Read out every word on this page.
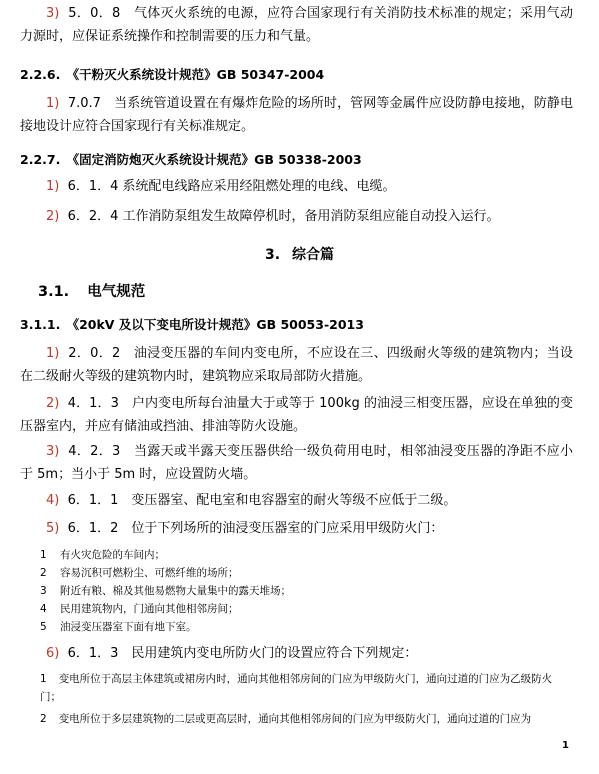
3) 5．0．8　气体灭火系统的电源，应符合国家现行有关消防技术标准的规定；采用气动力源时，应保证系统操作和控制需要的压力和气量。

2.2.6.　《干粉灭火系统设计规范》GB 50347-2004

1) 7.0.7　当系统管道设置在有爆炸危险的场所时，管网等金属件应设防静电接地，防静电接地设计应符合国家现行有关标准规定。

2.2.7.　《固定消防炮灭火系统设计规范》GB 50338-2003

1) 6．1．4 系统配电线路应采用经阻燃处理的电线、电缆。

2) 6．2．4 工作消防泵组发生故障停机时，备用消防泵组应能自动投入运行。

3. 综合篇
3.1. 电气规范

3.1.1.　《20kV 及以下变电所设计规范》GB 50053-2013

1) 2．0．2　油浸变压器的车间内变电所，不应设在三、四级耐火等级的建筑物内；当设在二级耐火等级的建筑物内时，建筑物应采取局部防火措施。

2) 4．1．3　户内变电所每台油量大于或等于 100kg 的油浸三相变压器，应设在单独的变压器室内，并应有储油或挡油、排油等防火设施。

3) 4．2．3　当露天或半露天变压器供给一级负荷用电时，相邻油浸变压器的净距不应小于 5m；当小于 5m 时，应设置防火墙。

4) 6．1．1　变压器室、配电室和电容器室的耐火等级不应低于二级。

5) 6．1．2　位于下列场所的油浸变压器室的门应采用甲级防火门：

1	有火灾危险的车间内；
2	容易沉积可燃粉尘、可燃纤维的场所；
3	附近有粮、棉及其他易燃物大量集中的露天堆场；
4	民用建筑物内，门通向其他相邻房间；
5	油浸变压器室下面有地下室。

6) 6．1．3　民用建筑内变电所防火门的设置应符合下列规定：

1 变电所位于高层主体建筑或裙房内时，通向其他相邻房间的门应为甲级防火门，通向过道的门应为乙级防火门；
2 变电所位于多层建筑物的二层或更高层时，通向其他相邻房间的门应为甲级防火门，通向过道的门应为
1
